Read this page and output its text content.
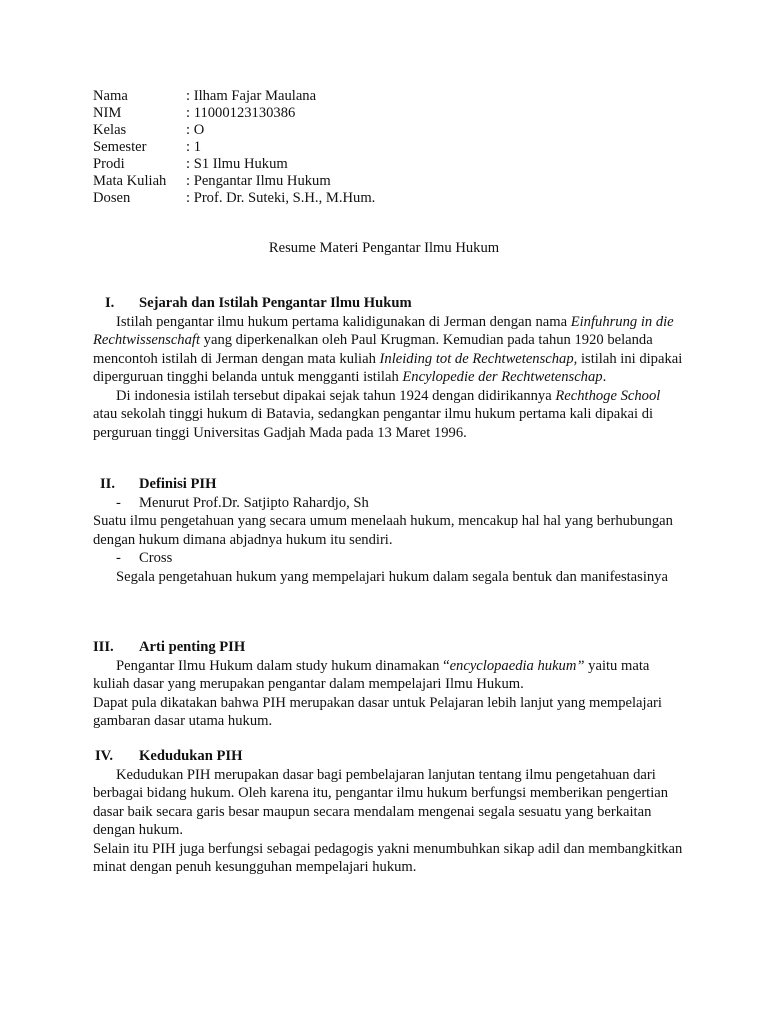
Nama	: Ilham Fajar Maulana
NIM	: 11000123130386
Kelas	: O
Semester	: 1
Prodi	: S1 Ilmu Hukum
Mata Kuliah	: Pengantar Ilmu Hukum
Dosen	: Prof. Dr. Suteki, S.H., M.Hum.
Resume Materi Pengantar Ilmu Hukum
I. Sejarah dan Istilah Pengantar Ilmu Hukum

Istilah pengantar ilmu hukum pertama kalidigunakan di Jerman dengan nama Einfuhrung in die Rechtwissenschaft yang diperkenalkan oleh Paul Krugman. Kemudian pada tahun 1920 belanda mencontoh istilah di Jerman dengan mata kuliah Inleiding tot de Rechtwetenschap, istilah ini dipakai diperguruan tingghi belanda untuk mengganti istilah Encylopedie der Rechtwetenschap.

Di indonesia istilah tersebut dipakai sejak tahun 1924 dengan didirikannya Rechthoge School atau sekolah tinggi hukum di Batavia, sedangkan pengantar ilmu hukum pertama kali dipakai di perguruan tinggi Universitas Gadjah Mada pada 13 Maret 1996.

II. Definisi PIH
- Menurut Prof.Dr. Satjipto Rahardjo, Sh

Suatu ilmu pengetahuan yang secara umum menelaah hukum, mencakup hal hal yang berhubungan dengan hukum dimana abjadnya hukum itu sendiri.

- Cross

Segala pengetahuan hukum yang mempelajari hukum dalam segala bentuk dan manifestasinya

III. Arti penting PIH

Pengantar Ilmu Hukum dalam study hukum dinamakan “encyclopaedia hukum” yaitu mata kuliah dasar yang merupakan pengantar dalam mempelajari Ilmu Hukum.

Dapat pula dikatakan bahwa PIH merupakan dasar untuk Pelajaran lebih lanjut yang mempelajari gambaran dasar utama hukum.

IV. Kedudukan PIH

Kedudukan PIH merupakan dasar bagi pembelajaran lanjutan tentang ilmu pengetahuan dari berbagai bidang hukum. Oleh karena itu, pengantar ilmu hukum berfungsi memberikan pengertian dasar baik secara garis besar maupun secara mendalam mengenai segala sesuatu yang berkaitan dengan hukum.

Selain itu PIH juga berfungsi sebagai pedagogis yakni menumbuhkan sikap adil dan membangkitkan minat dengan penuh kesungguhan mempelajari hukum.
